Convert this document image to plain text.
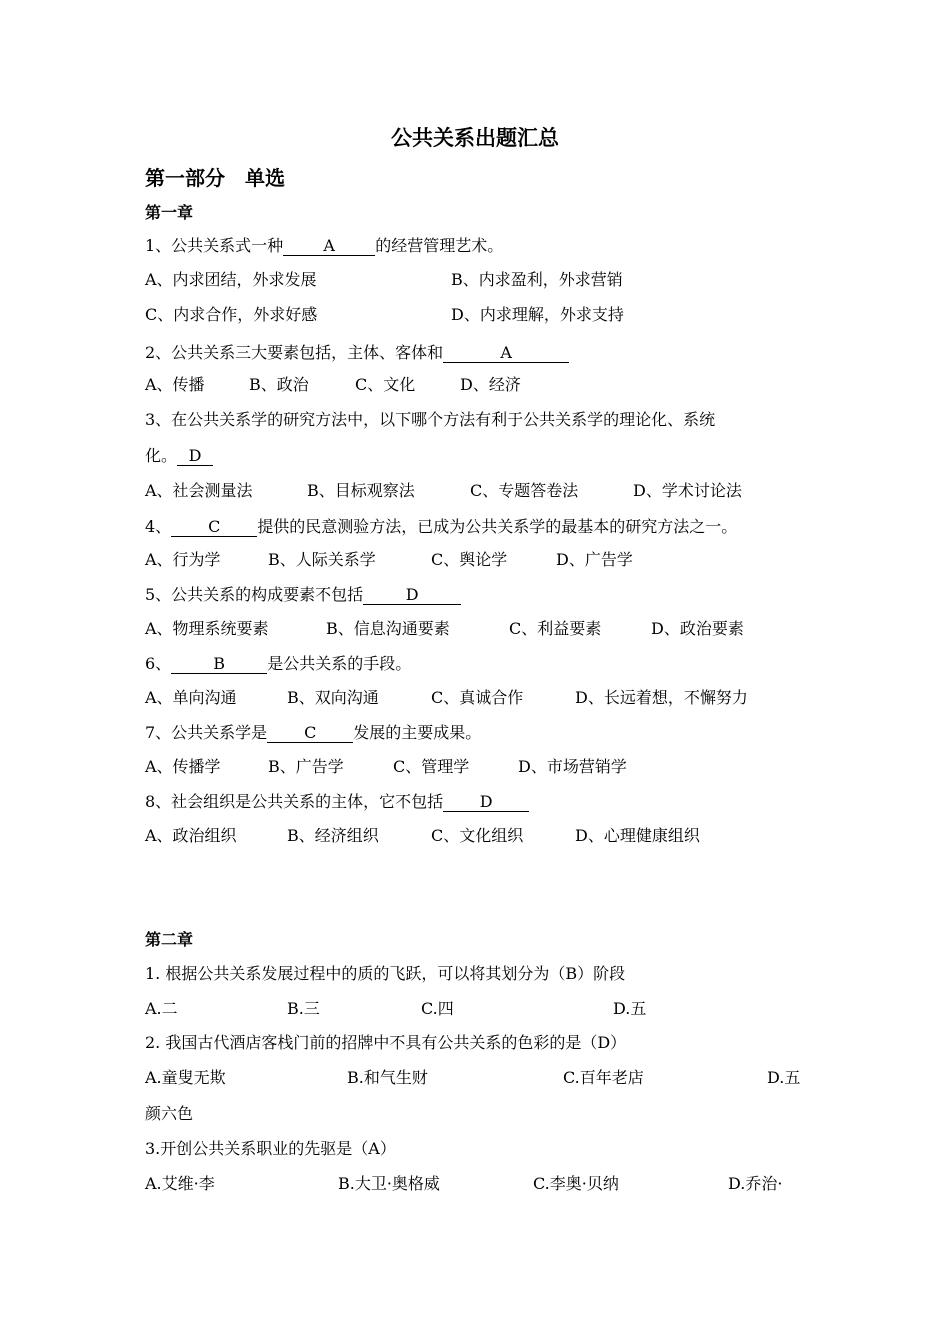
公共关系出题汇总
第一部分　单选
第一章
1、公共关系式一种	A	的经营管理艺术。
A、内求团结，外求发展	B、内求盈利，外求营销
C、内求合作，外求好感	D、内求理解，外求支持
2、公共关系三大要素包括，主体、客体和	A
A、传播	B、政治	C、文化	D、经济
3、在公共关系学的研究方法中，以下哪个方法有利于公共关系学的理论化、系统
化。 D
A、社会测量法	B、目标观察法	C、专题答卷法	D、学术讨论法
4、 C 提供的民意测验方法，已成为公共关系学的最基本的研究方法之一。
A、行为学	B、人际关系学	C、舆论学	D、广告学
5、公共关系的构成要素不包括	D
A、物理系统要素	B、信息沟通要素	C、利益要素	D、政治要素
6、	B	是公共关系的手段。
A、单向沟通	B、双向沟通	C、真诚合作	D、长远着想，不懈努力
7、公共关系学是 C 发展的主要成果。
A、传播学	B、广告学	C、管理学	D、市场营销学
8、社会组织是公共关系的主体，它不包括 D
A、政治组织	B、经济组织	C、文化组织	D、心理健康组织
第二章
1. 根据公共关系发展过程中的质的飞跃，可以将其划分为（B）阶段
A.二	B.三	C.四	D.五
2. 我国古代酒店客栈门前的招牌中不具有公共关系的色彩的是（D）
A.童叟无欺	B.和气生财	C.百年老店	D.五
颜六色
3.开创公共关系职业的先驱是（A）
A.艾维·李	B.大卫·奥格威	C.李奥·贝纳	D.乔治·
